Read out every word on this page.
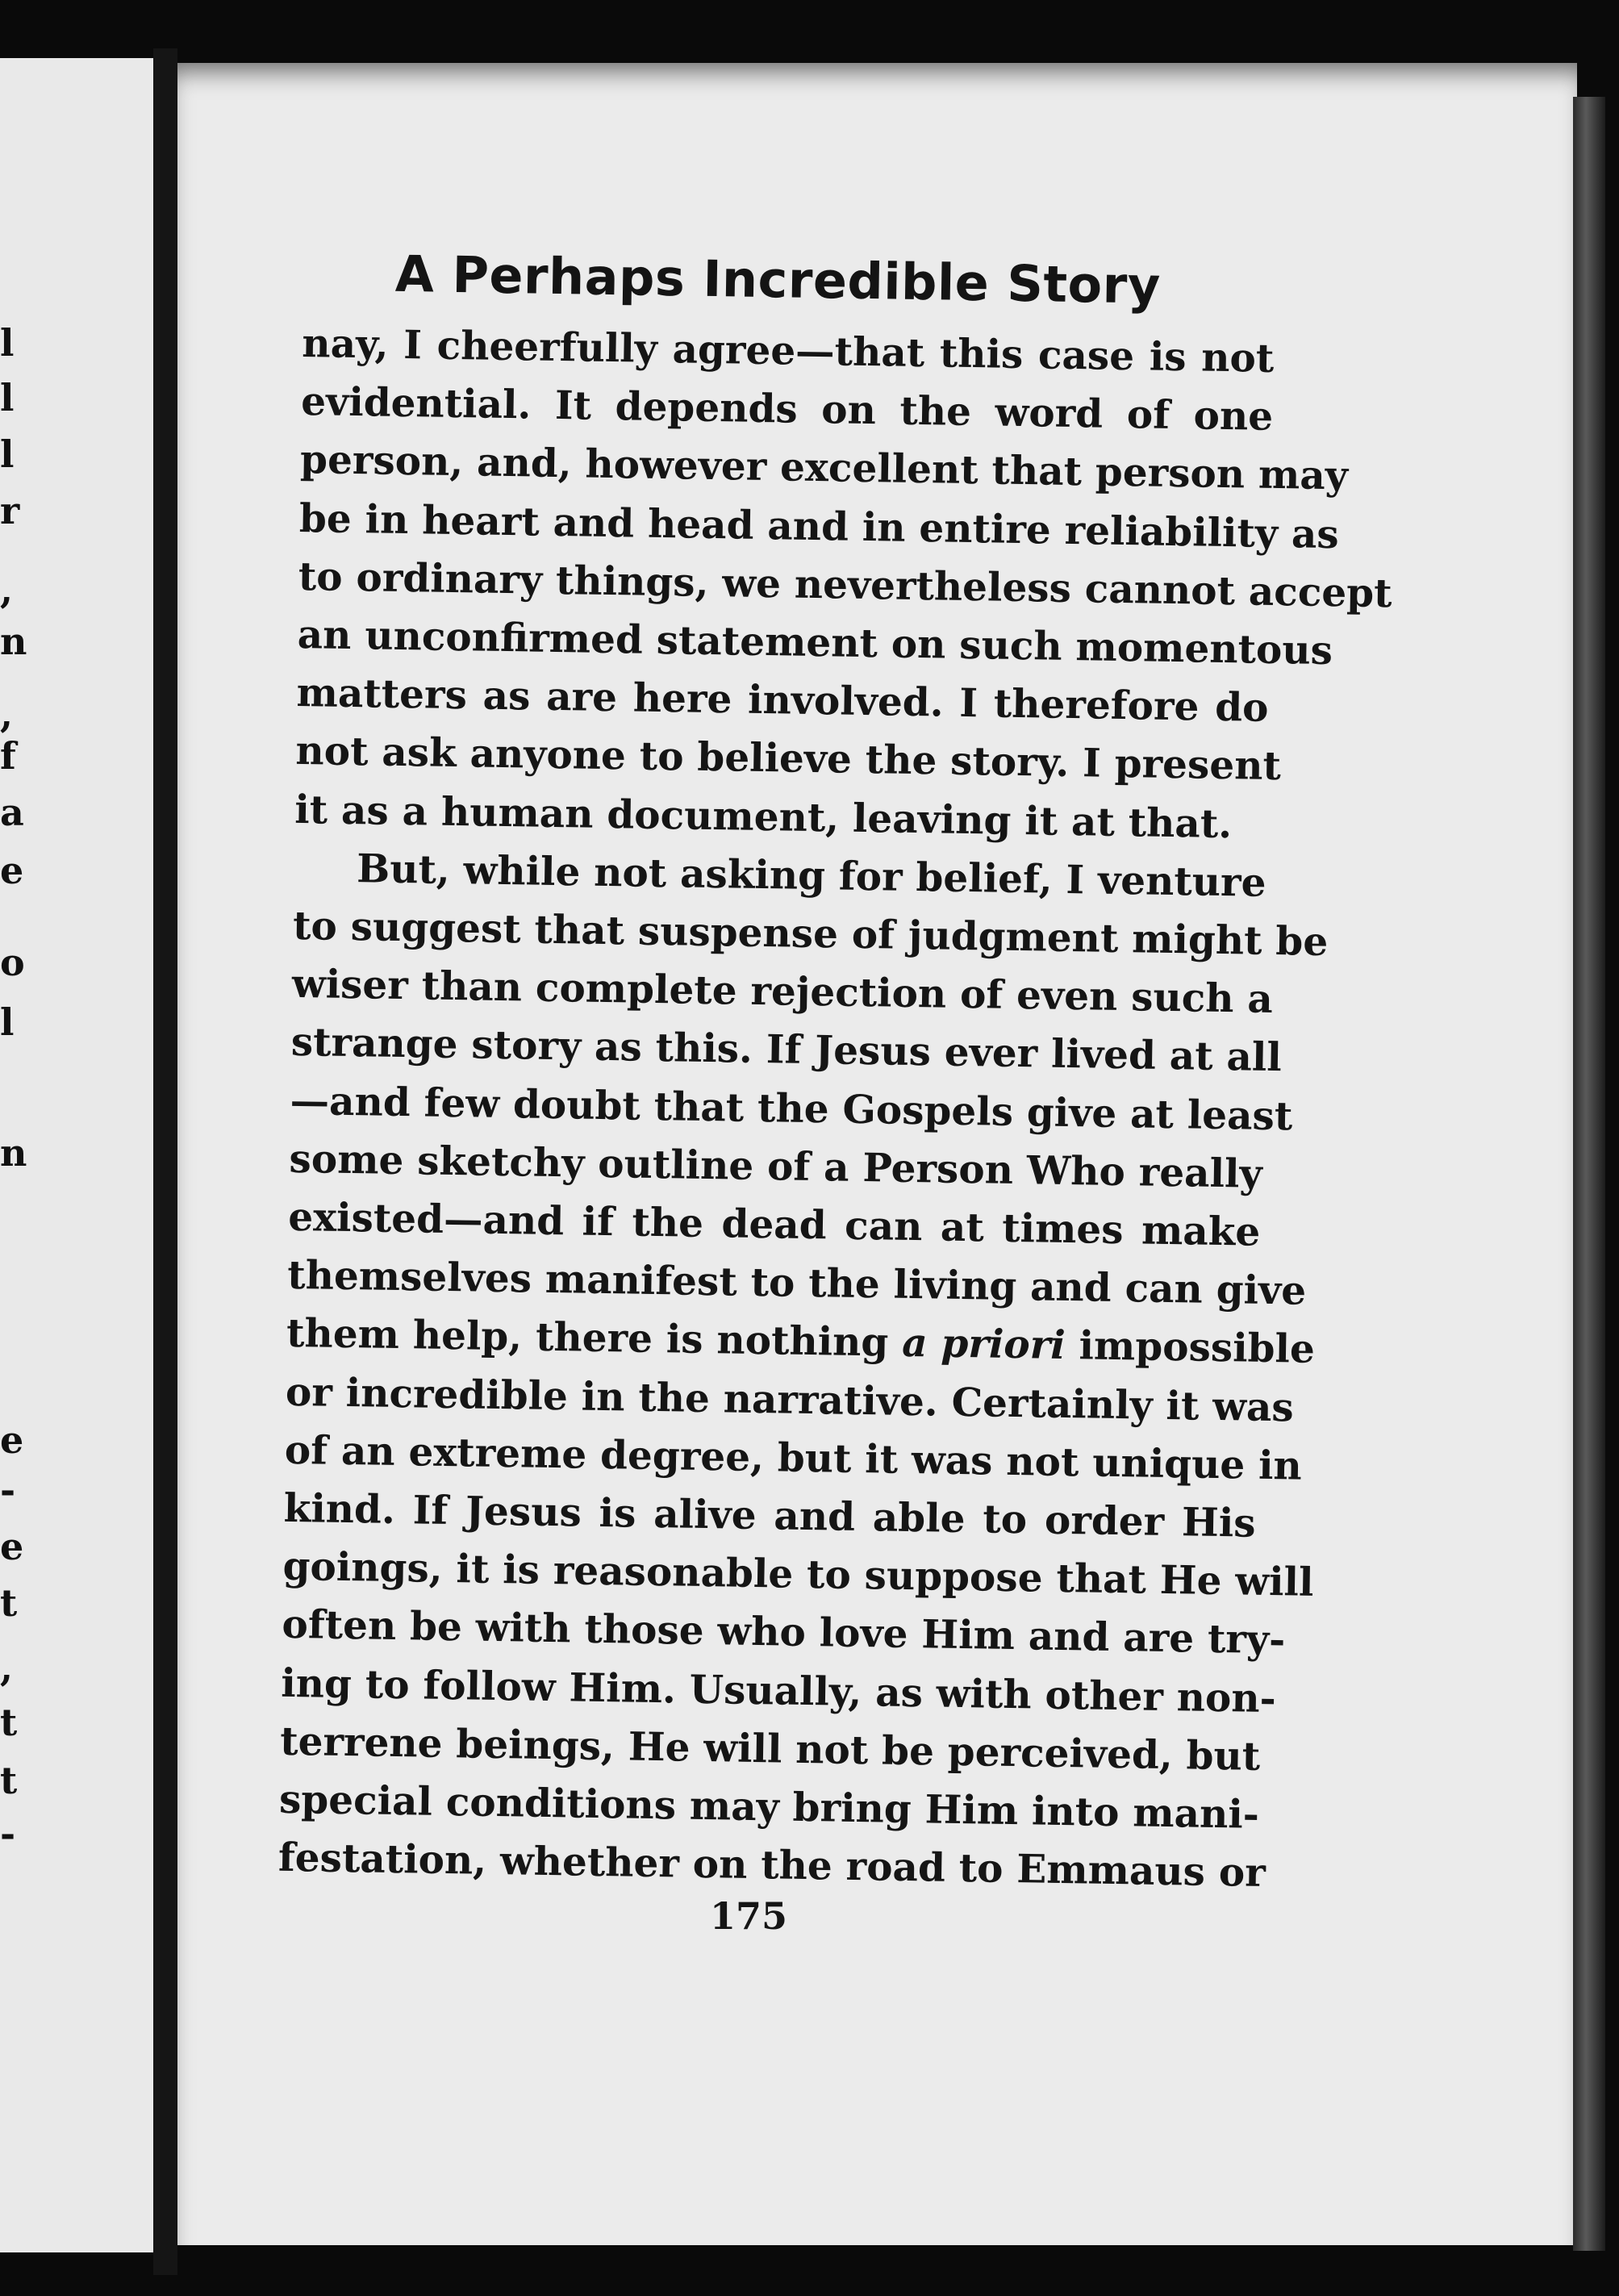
l
l
l
r
,
n
,
f
a
e
o
l
n
e
-
e
t
,
t
t
-
A Perhaps Incredible Story
nay, I cheerfully agree—that this case is not
evidential. It depends on the word of one
person, and, however excellent that person may
be in heart and head and in entire reliability as
to ordinary things, we nevertheless cannot accept
an unconfirmed statement on such momentous
matters as are here involved. I therefore do
not ask anyone to believe the story. I present
it as a human document, leaving it at that.
But, while not asking for belief, I venture
to suggest that suspense of judgment might be
wiser than complete rejection of even such a
strange story as this. If Jesus ever lived at all
—and few doubt that the Gospels give at least
some sketchy outline of a Person Who really
existed—and if the dead can at times make
themselves manifest to the living and can give
them help, there is nothing a priori impossible
or incredible in the narrative. Certainly it was
of an extreme degree, but it was not unique in
kind. If Jesus is alive and able to order His
goings, it is reasonable to suppose that He will
often be with those who love Him and are try-
ing to follow Him. Usually, as with other non-
terrene beings, He will not be perceived, but
special conditions may bring Him into mani-
festation, whether on the road to Emmaus or
175
